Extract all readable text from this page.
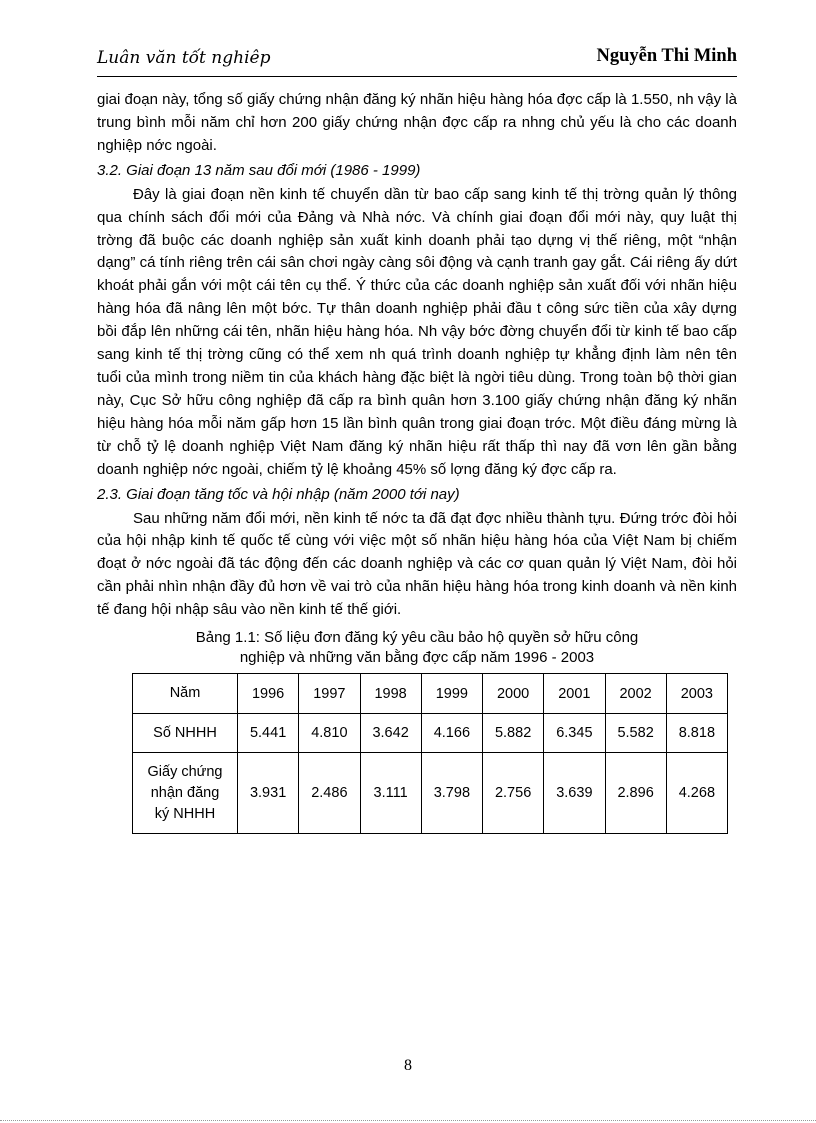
Luân văn tốt nghiêp	Nguyễn Thi Minh

giai đoạn này, tổng số giấy chứng nhận đăng ký nhãn hiệu hàng hóa đợc cấp là 1.550, nh vậy là trung bình mỗi năm chỉ hơn 200 giấy chứng nhận đợc cấp ra nhng chủ yếu là cho các doanh nghiệp nớc ngoài.

3.2. Giai đoạn 13 năm sau đổi mới (1986 - 1999)

Đây là giai đoạn nền kinh tế chuyển dần từ bao cấp sang kinh tế thị trờng quản lý thông qua chính sách đổi mới của Đảng và Nhà nớc. Và chính giai đoạn đổi mới này, quy luật thị trờng đã buộc các doanh nghiệp sản xuất kinh doanh phải tạo dựng vị thế riêng, một “nhận dạng” cá tính riêng trên cái sân chơi ngày càng sôi động và cạnh tranh gay gắt. Cái riêng ấy dứt khoát phải gắn với một cái tên cụ thể. Ý thức của các doanh nghiệp sản xuất đối với nhãn hiệu hàng hóa đã nâng lên một bớc. Tự thân doanh nghiệp phải đầu t công sức tiền của xây dựng bồi đắp lên những cái tên, nhãn hiệu hàng hóa. Nh vậy bớc đờng chuyển đổi từ kinh tế bao cấp sang kinh tế thị trờng cũng có thể xem nh quá trình doanh nghiệp tự khẳng định làm nên tên tuổi của mình trong niềm tin của khách hàng đặc biệt là ngời tiêu dùng. Trong toàn bộ thời gian này, Cục Sở hữu công nghiệp đã cấp ra bình quân hơn 3.100 giấy chứng nhận đăng ký nhãn hiệu hàng hóa mỗi năm gấp hơn 15 lần bình quân trong giai đoạn trớc. Một điều đáng mừng là từ chỗ tỷ lệ doanh nghiệp Việt Nam đăng ký nhãn hiệu rất thấp thì nay đã vơn lên gần bằng doanh nghiệp nớc ngoài, chiếm tỷ lệ khoảng 45% số lợng đăng ký đợc cấp ra.

2.3. Giai đoạn tăng tốc và hội nhập (năm 2000 tới nay)

Sau những năm đổi mới, nền kinh tế nớc ta đã đạt đợc nhiều thành tựu. Đứng trớc đòi hỏi của hội nhập kinh tế quốc tế cùng với việc một số nhãn hiệu hàng hóa của Việt Nam bị chiếm đoạt ở nớc ngoài đã tác động đến các doanh nghiệp và các cơ quan quản lý Việt Nam, đòi hỏi cần phải nhìn nhận đầy đủ hơn về vai trò của nhãn hiệu hàng hóa trong kinh doanh và nền kinh tế đang hội nhập sâu vào nền kinh tế thế giới.

Bảng 1.1: Số liệu đơn đăng ký yêu cầu bảo hộ quyền sở hữu công
nghiệp và những văn bằng đợc cấp năm 1996 - 2003
Năm	1996	1997	1998	1999	2000	2001	2002	2003
Số NHHH	5.441	4.810	3.642	4.166	5.882	6.345	5.582	8.818

Giấy chứng
nhận đăng
ký NHHH	3.931	2.486	3.111	3.798	2.756	3.639	2.896	4.268
8
